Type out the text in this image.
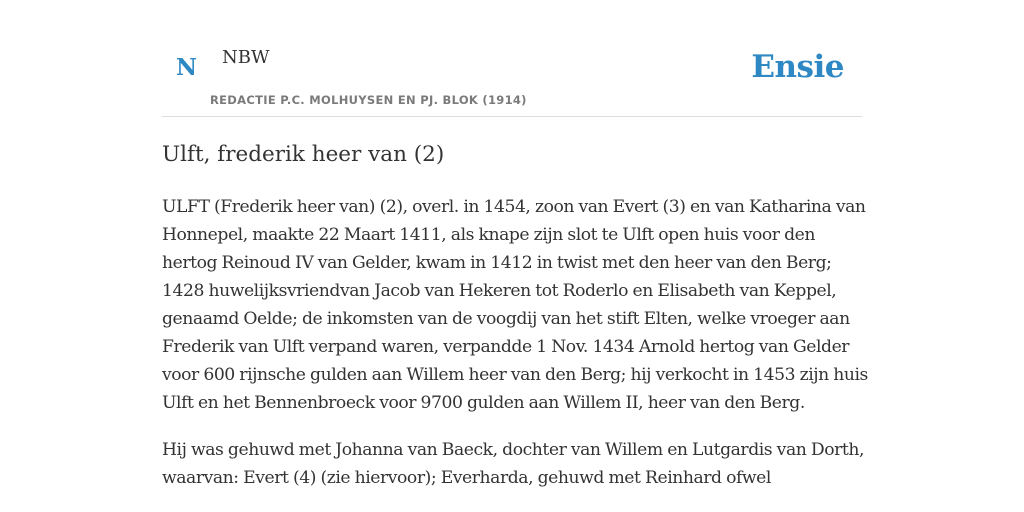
N NBW
REDACTIE P.C. MOLHUYSEN EN PJ. BLOK (1914)
Ensie
Ulft, frederik heer van (2)

ULFT (Frederik heer van) (2), overl. in 1454, zoon van Evert (3) en van Katharina van Honnepel, maakte 22 Maart 1411, als knape zijn slot te Ulft open huis voor den hertog Reinoud IV van Gelder, kwam in 1412 in twist met den heer van den Berg; 1428 huwelijksvriendvan Jacob van Hekeren tot Roderlo en Elisabeth van Keppel, genaamd Oelde; de inkomsten van de voogdij van het stift Elten, welke vroeger aan Frederik van Ulft verpand waren, verpandde 1 Nov. 1434 Arnold hertog van Gelder voor 600 rijnsche gulden aan Willem heer van den Berg; hij verkocht in 1453 zijn huis Ulft en het Bennenbroeck voor 9700 gulden aan Willem II, heer van den Berg.

Hij was gehuwd met Johanna van Baeck, dochter van Willem en Lutgardis van Dorth, waarvan: Evert (4) (zie hiervoor); Everharda, gehuwd met Reinhard ofwel
